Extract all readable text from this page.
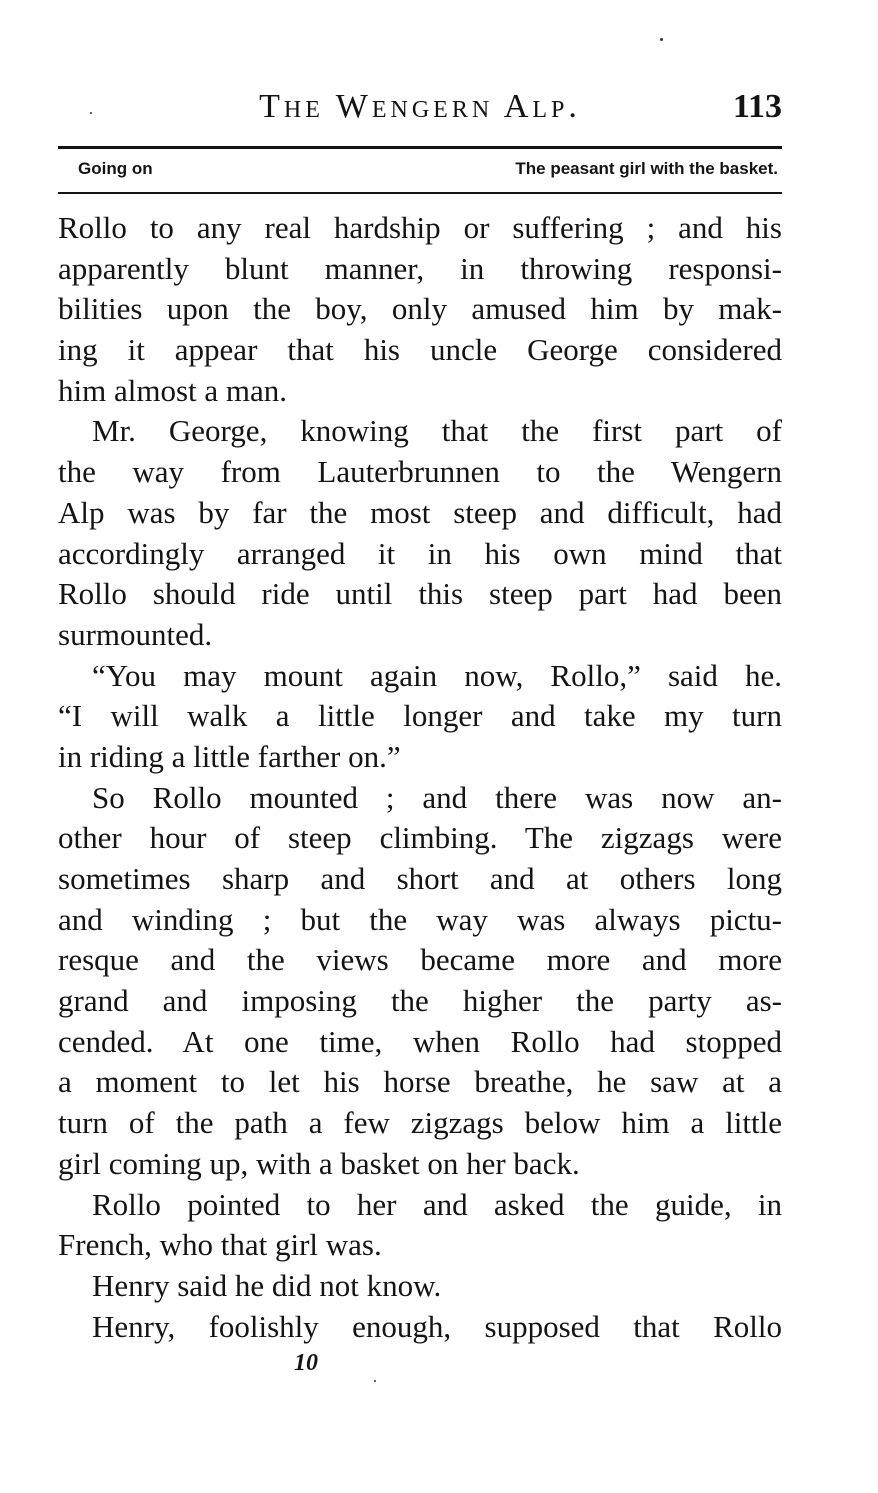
The Wengern Alp.	113
Going on	The peasant girl with the basket.
Rollo to any real hardship or suffering ; and his
apparently blunt manner, in throwing responsi-
bilities upon the boy, only amused him by mak-
ing it appear that his uncle George considered
him almost a man.
Mr. George, knowing that the first part of
the way from Lauterbrunnen to the Wengern
Alp was by far the most steep and difficult, had
accordingly arranged it in his own mind that
Rollo should ride until this steep part had been
surmounted.
“You may mount again now, Rollo,” said he.
“I will walk a little longer and take my turn
in riding a little farther on.”
So Rollo mounted ; and there was now an-
other hour of steep climbing. The zigzags were
sometimes sharp and short and at others long
and winding ; but the way was always pictu-
resque and the views became more and more
grand and imposing the higher the party as-
cended. At one time, when Rollo had stopped
a moment to let his horse breathe, he saw at a
turn of the path a few zigzags below him a little
girl coming up, with a basket on her back.
Rollo pointed to her and asked the guide, in
French, who that girl was.
Henry said he did not know.
Henry, foolishly enough, supposed that Rollo
10
